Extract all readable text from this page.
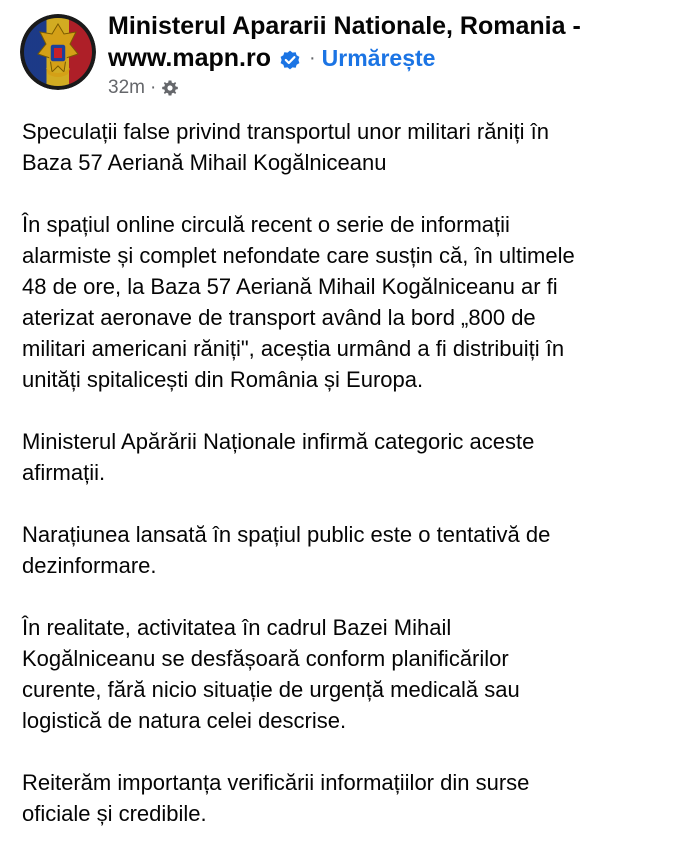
Ministerul Apararii Nationale, Romania -
www.mapn.ro · Urmărește
32m ·

Speculații false privind transportul unor militari răniți în
Baza 57 Aeriană Mihail Kogălniceanu

În spațiul online circulă recent o serie de informații
alarmiste și complet nefondate care susțin că, în ultimele
48 de ore, la Baza 57 Aeriană Mihail Kogălniceanu ar fi
aterizat aeronave de transport având la bord „800 de
militari americani răniți", aceștia urmând a fi distribuiți în
unități spitalicești din România și Europa.

Ministerul Apărării Naționale infirmă categoric aceste
afirmații.

Narațiunea lansată în spațiul public este o tentativă de
dezinformare.

În realitate, activitatea în cadrul Bazei Mihail
Kogălniceanu se desfășoară conform planificărilor
curente, fără nicio situație de urgență medicală sau
logistică de natura celei descrise.

Reiterăm importanța verificării informațiilor din surse
oficiale și credibile.
